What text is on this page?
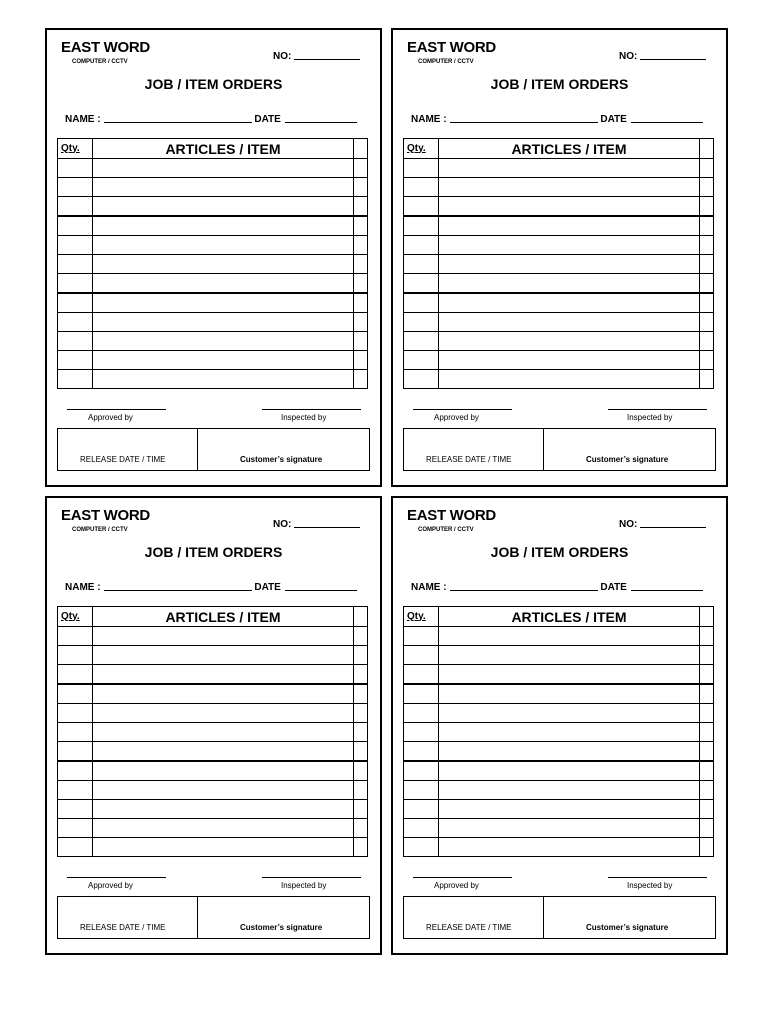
EAST WORD
COMPUTER / CCTV	NO:
JOB / ITEM ORDERS
NAME :	DATE
Qty.	ARTICLES / ITEM	

Approved by	Inspected by
RELEASE DATE / TIME	Customer’s signature
EAST WORD
COMPUTER / CCTV	NO:
JOB / ITEM ORDERS
NAME :	DATE
Qty.	ARTICLES / ITEM	

Approved by	Inspected by
RELEASE DATE / TIME	Customer’s signature
EAST WORD
COMPUTER / CCTV	NO:
JOB / ITEM ORDERS
NAME :	DATE
Qty.	ARTICLES / ITEM	

Approved by	Inspected by
RELEASE DATE / TIME	Customer’s signature
EAST WORD
COMPUTER / CCTV	NO:
JOB / ITEM ORDERS
NAME :	DATE
Qty.	ARTICLES / ITEM	

Approved by	Inspected by
RELEASE DATE / TIME	Customer’s signature
